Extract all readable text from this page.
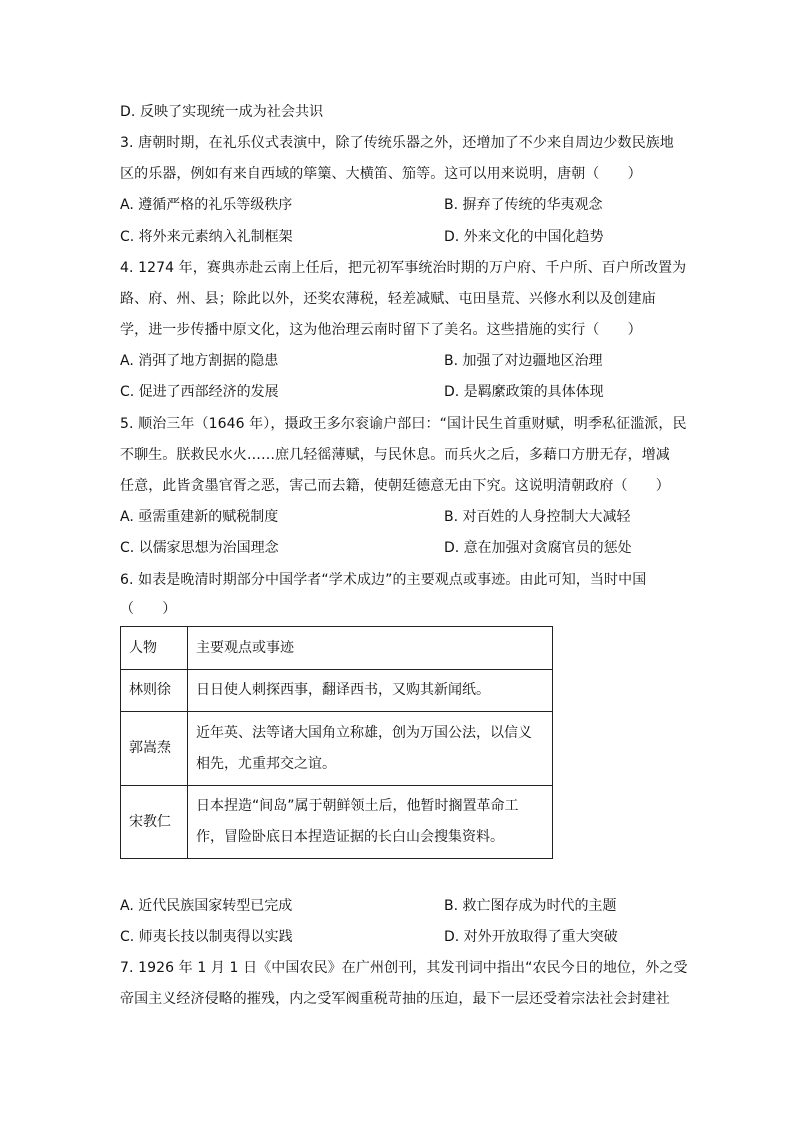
D. 反映了实现统一成为社会共识
3. 唐朝时期，在礼乐仪式表演中，除了传统乐器之外，还增加了不少来自周边少数民族地
区的乐器，例如有来自西域的筚篥、大横笛、笳等。这可以用来说明，唐朝（　　）
A. 遵循严格的礼乐等级秩序	B. 摒弃了传统的华夷观念
C. 将外来元素纳入礼制框架	D. 外来文化的中国化趋势
4. 1274 年，赛典赤赴云南上任后，把元初军事统治时期的万户府、千户所、百户所改置为
路、府、州、县；除此以外，还奖农薄税，轻差减赋、屯田垦荒、兴修水利以及创建庙
学，进一步传播中原文化，这为他治理云南时留下了美名。这些措施的实行（　　）
A. 消弭了地方割据的隐患	B. 加强了对边疆地区治理
C. 促进了西部经济的发展	D. 是羁縻政策的具体体现
5. 顺治三年（1646 年），摄政王多尔衮谕户部曰：“国计民生首重财赋，明季私征滥派，民
不聊生。朕救民水火……庶几轻徭薄赋，与民休息。而兵火之后，多藉口方册无存，增减
任意，此皆贪墨官胥之恶，害己而去籍，使朝廷德意无由下究。这说明清朝政府（　　）
A. 亟需重建新的赋税制度	B. 对百姓的人身控制大大减轻
C. 以儒家思想为治国理念	D. 意在加强对贪腐官员的惩处
6. 如表是晚清时期部分中国学者“学术成边”的主要观点或事迹。由此可知，当时中国
（　　）
人物	主要观点或事迹
林则徐	日日使人刺探西事，翻译西书，又购其新闻纸。

郭嵩焘	近年英、法等诸大国角立称雄，创为万国公法，以信义
相先，尤重邦交之谊。

宋教仁	日本捏造“间岛”属于朝鲜领土后，他暂时搁置革命工
作，冒险卧底日本捏造证据的长白山会搜集资料。
A. 近代民族国家转型已完成	B. 救亡图存成为时代的主题
C. 师夷长技以制夷得以实践	D. 对外开放取得了重大突破
7. 1926 年 1 月 1 日《中国农民》在广州创刊，其发刊词中指出“农民今日的地位，外之受
帝国主义经济侵略的摧残，内之受军阀重税苛抽的压迫，最下一层还受着宗法社会封建社
